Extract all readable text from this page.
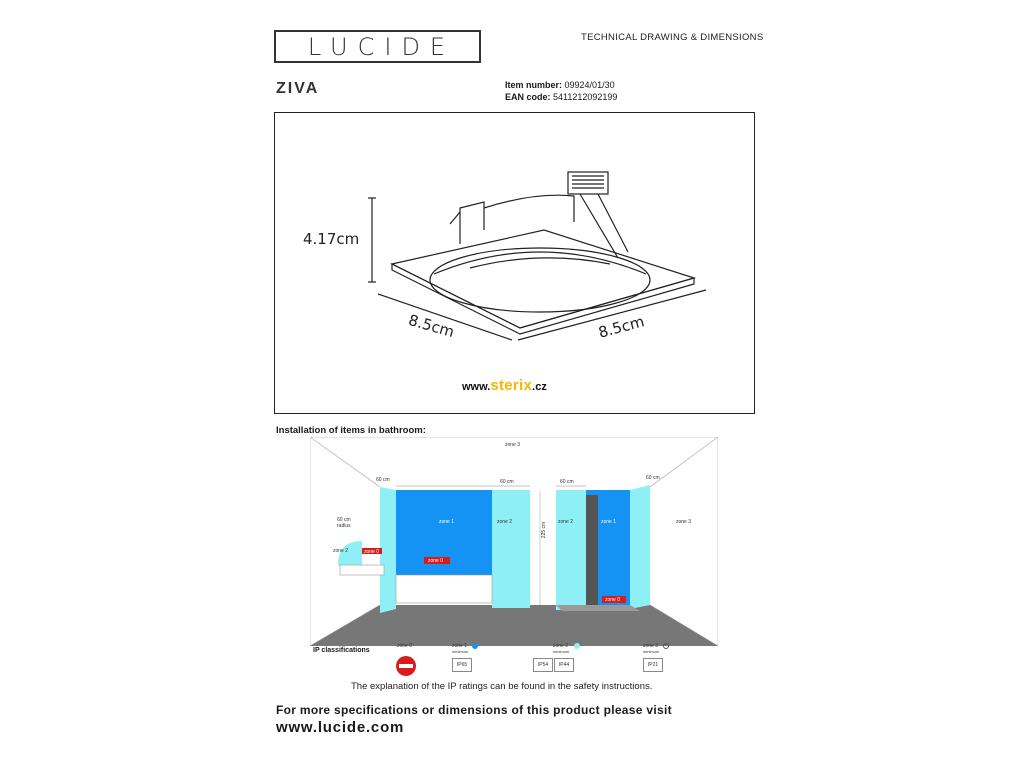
LUCIDE	TECHNICAL DRAWING & DIMENSIONS
ZIVA	Item number: 09924/01/30
EAN code: 5411212092199
4.17cm
8.5cm	8.5cm
www.sterix.cz
Installation of items in bathroom:
zone 3
60 cm	60 cm	60 cm
60 cm
60 cm
radius	225 cm
zone 1	zone 2	zone 2	zone 1	zone 3
zone 2	zone 0
zone 0
zone 0
IP classifications
zone 0	zone 1
minimum
IP65
zone 2
minimum
IP54	IP44
zone 3
minimum
IP21
The explanation of the IP ratings can be found in the safety instructions.
For more specifications or dimensions of this product please visit
www.lucide.com
